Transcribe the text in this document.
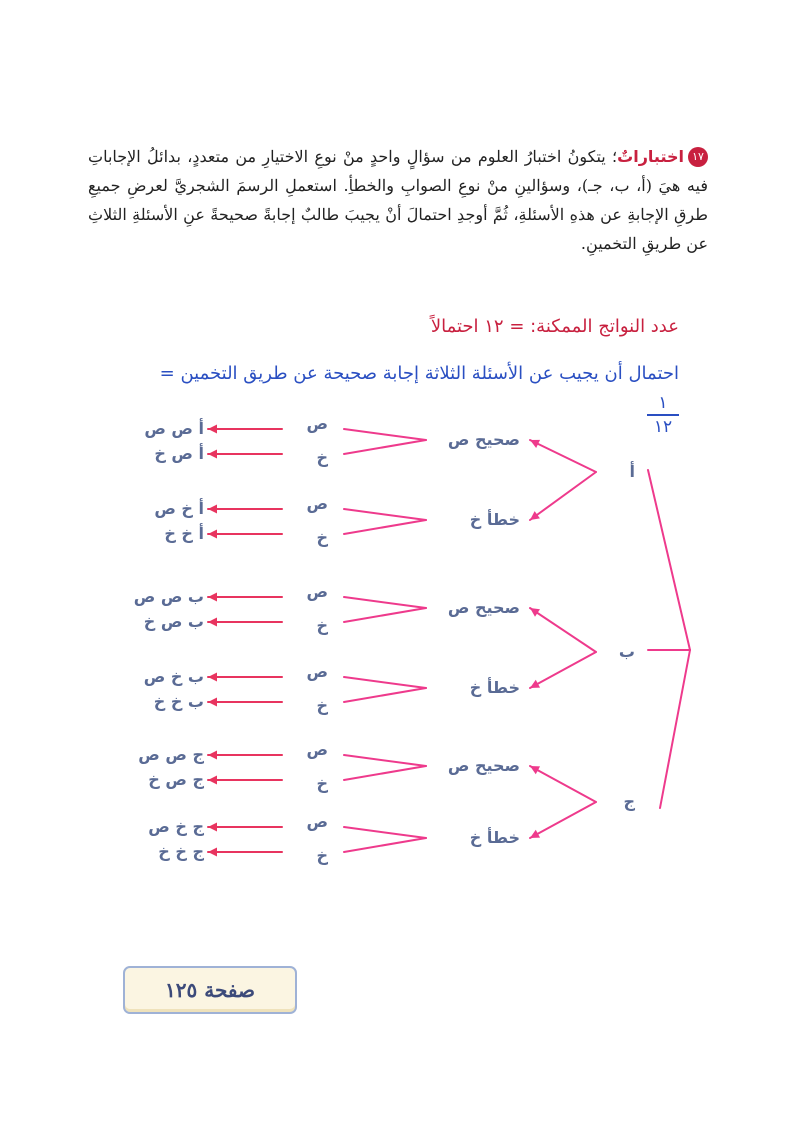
١٧اختباراتٌ؛ يتكونُ اختبارُ العلوم من سؤالٍ واحدٍ منْ نوعِ الاختيارِ من متعددٍ، بدائلُ الإجاباتِ فيه هيَ (أ، ب، جـ)، وسؤالينِ منْ نوعِ الصوابِ والخطأِ. استعملِ الرسمَ الشجريَّ لعرضِ جميعِ طرقِ الإجابةِ عن هذهِ الأسئلةِ، ثُمَّ أوجدِ احتمالَ أنْ يجيبَ طالبٌ إجابةً صحيحةً عنِ الأسئلةِ الثلاثِ عن طريقِ التخمينِ.
عدد النواتج الممكنة: = ١٢ احتمالاً
احتمال أن يجيب عن الأسئلة الثلاثة إجابة صحيحة عن طريق التخمين =
١
١٢
أ
صحيح ص
خطأ خ
ص
خ
أ ص ص
أ ص خ
ص
خ
أ خ ص
أ خ خ
ب
صحيح ص
خطأ خ
ص
خ
ب ص ص
ب ص خ
ص
خ
ب خ ص
ب خ خ
ج
صحيح ص
خطأ خ
ص
خ
ج ص ص
ج ص خ
ص
خ
ج خ ص
ج خ خ
صفحة ١٢٥
